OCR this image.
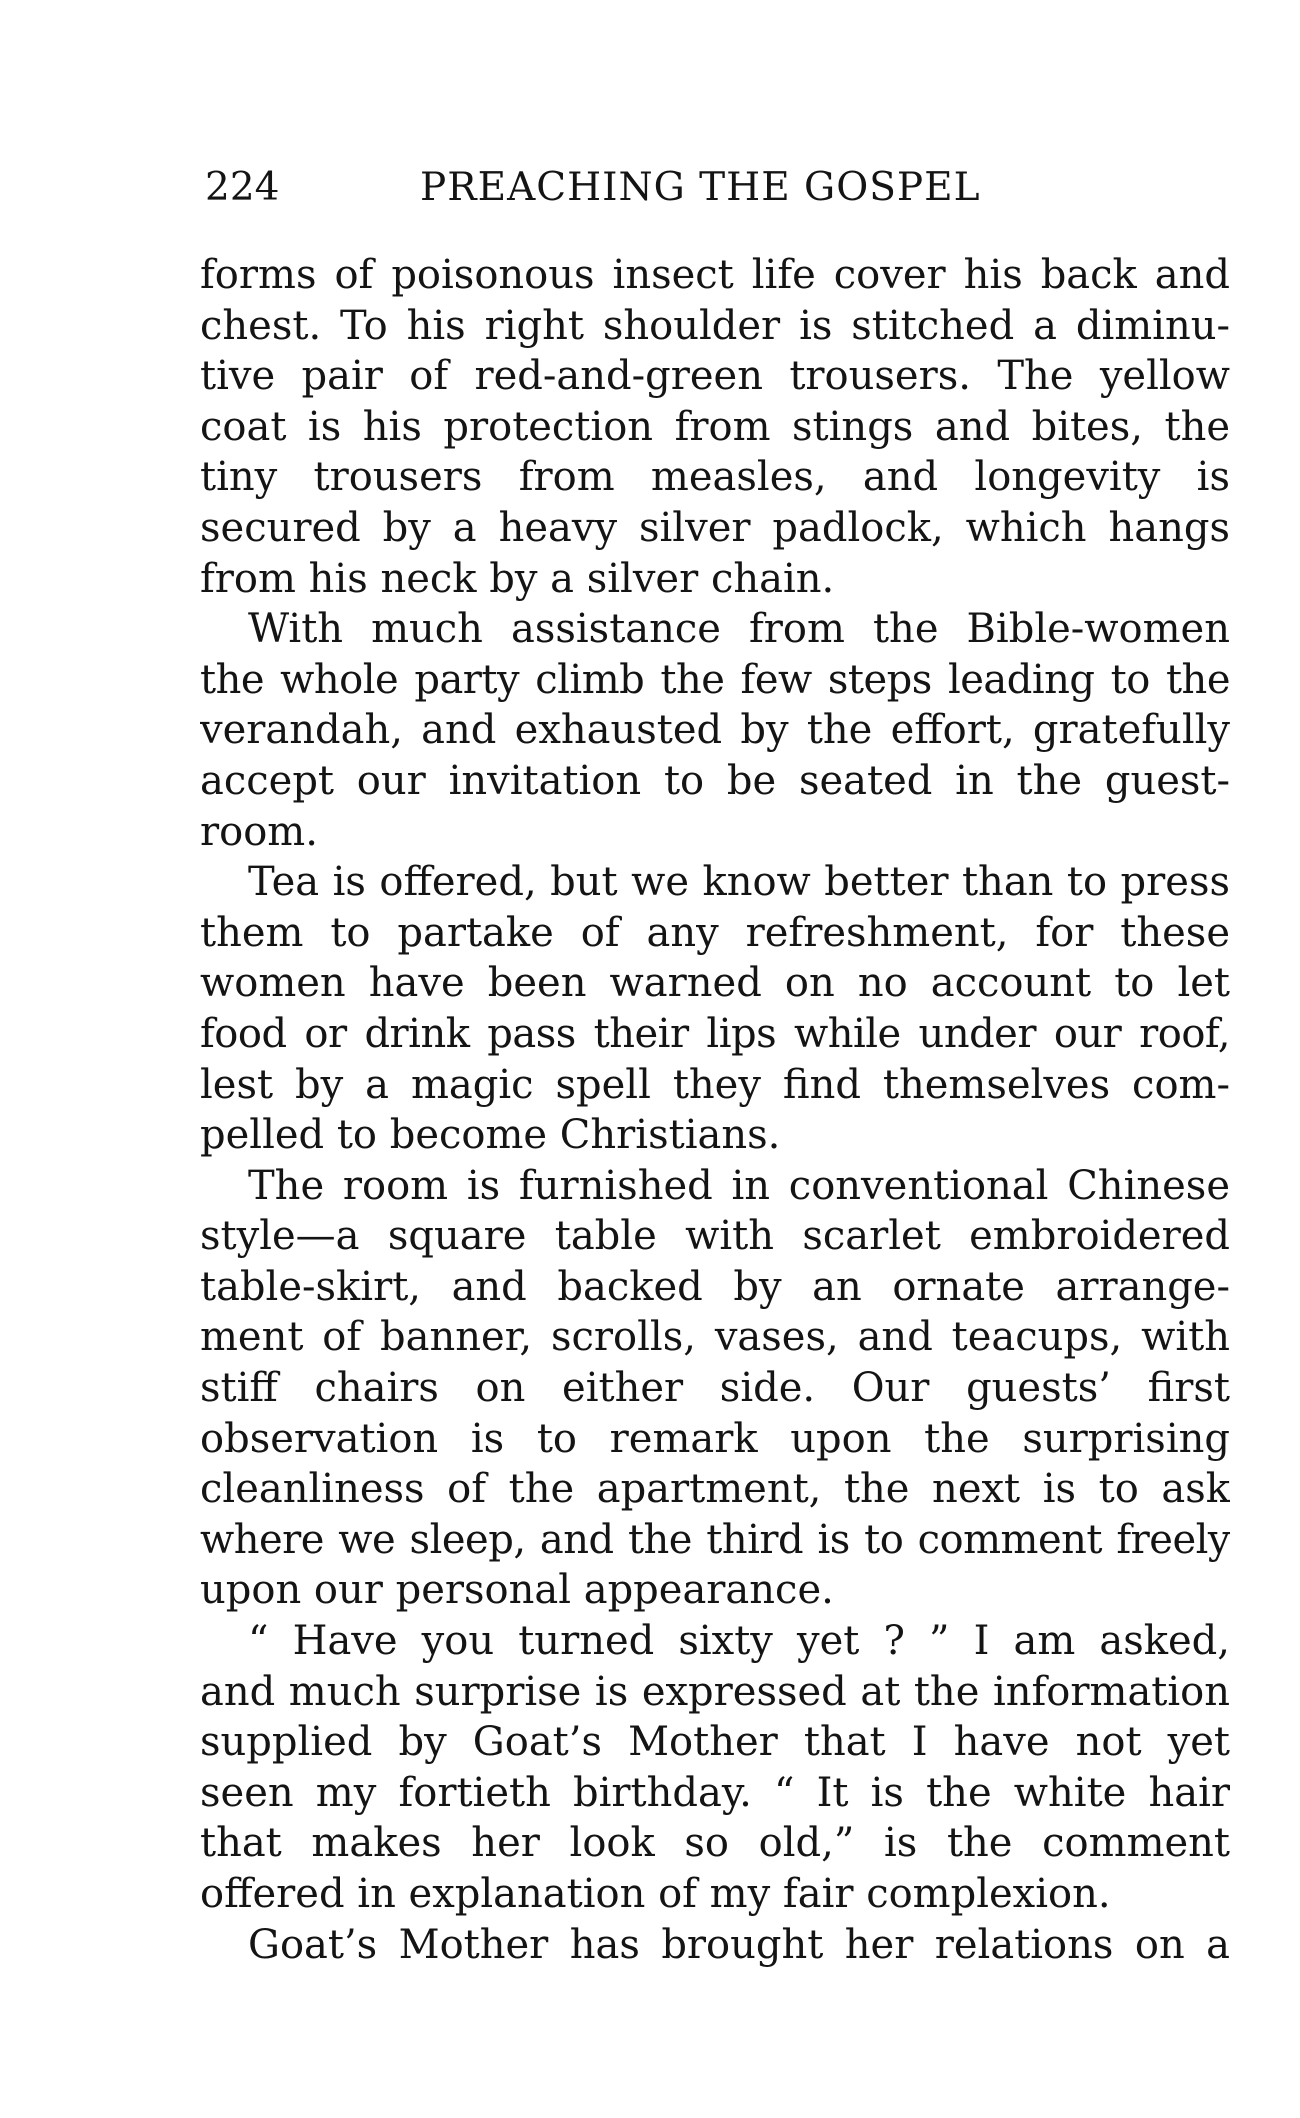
224	PREACHING THE GOSPEL
forms of poisonous insect life cover his back and
chest. To his right shoulder is stitched a diminu-
tive pair of red-and-green trousers. The yellow
coat is his protection from stings and bites, the
tiny trousers from measles, and longevity is
secured by a heavy silver padlock, which hangs
from his neck by a silver chain.
With much assistance from the Bible-women
the whole party climb the few steps leading to the
verandah, and exhausted by the effort, gratefully
accept our invitation to be seated in the guest-
room.
Tea is offered, but we know better than to press
them to partake of any refreshment, for these
women have been warned on no account to let
food or drink pass their lips while under our roof,
lest by a magic spell they find themselves com-
pelled to become Christians.
The room is furnished in conventional Chinese
style—a square table with scarlet embroidered
table-skirt, and backed by an ornate arrange-
ment of banner, scrolls, vases, and teacups, with
stiff chairs on either side. Our guests’ first
observation is to remark upon the surprising
cleanliness of the apartment, the next is to ask
where we sleep, and the third is to comment freely
upon our personal appearance.
“ Have you turned sixty yet ? ” I am asked,
and much surprise is expressed at the information
supplied by Goat’s Mother that I have not yet
seen my fortieth birthday. “ It is the white hair
that makes her look so old,” is the comment
offered in explanation of my fair complexion.
Goat’s Mother has brought her relations on a
